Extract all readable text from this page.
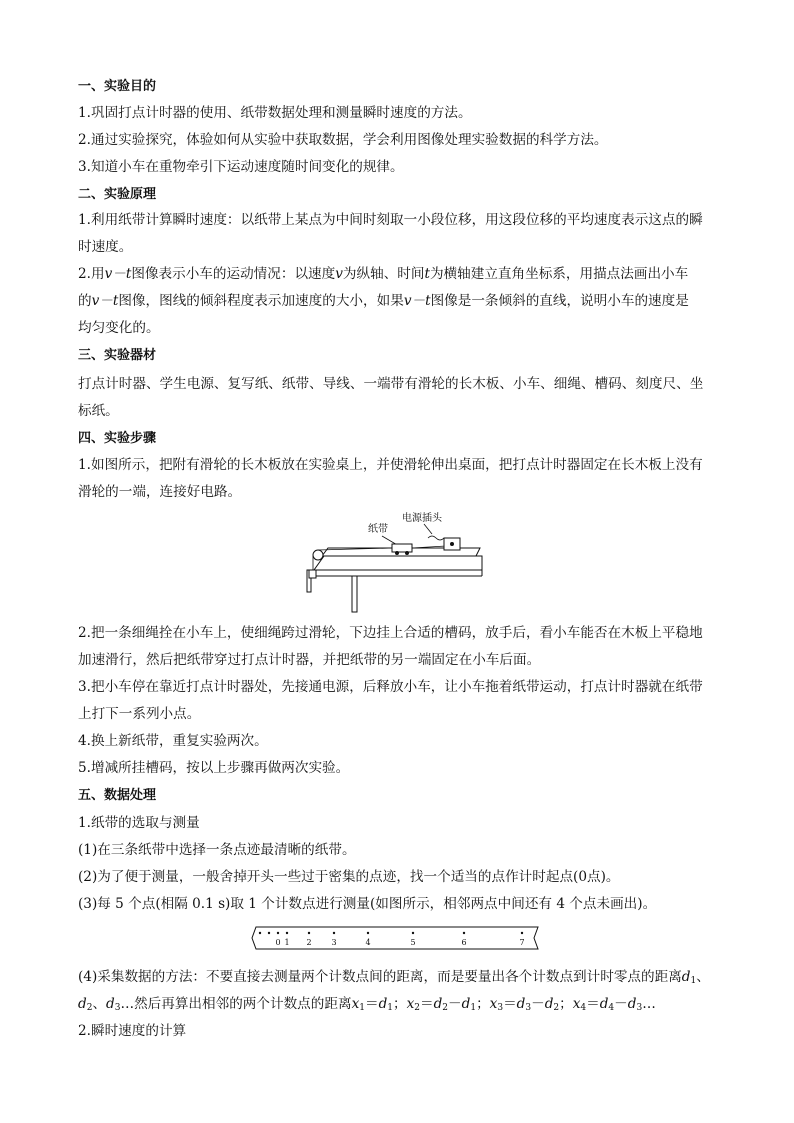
一、实验目的
1.巩固打点计时器的使用、纸带数据处理和测量瞬时速度的方法。
2.通过实验探究，体验如何从实验中获取数据，学会利用图像处理实验数据的科学方法。
3.知道小车在重物牵引下运动速度随时间变化的规律。
二、实验原理
1.利用纸带计算瞬时速度：以纸带上某点为中间时刻取一小段位移，用这段位移的平均速度表示这点的瞬
时速度。
2.用v－t图像表示小车的运动情况：以速度v为纵轴、时间t为横轴建立直角坐标系，用描点法画出小车
的v－t图像，图线的倾斜程度表示加速度的大小，如果v－t图像是一条倾斜的直线，说明小车的速度是
均匀变化的。
三、实验器材
打点计时器、学生电源、复写纸、纸带、导线、一端带有滑轮的长木板、小车、细绳、槽码、刻度尺、坐
标纸。
四、实验步骤
1.如图所示，把附有滑轮的长木板放在实验桌上，并使滑轮伸出桌面，把打点计时器固定在长木板上没有
滑轮的一端，连接好电路。
纸带
电源插头
2.把一条细绳拴在小车上，使细绳跨过滑轮，下边挂上合适的槽码，放手后，看小车能否在木板上平稳地
加速滑行，然后把纸带穿过打点计时器，并把纸带的另一端固定在小车后面。
3.把小车停在靠近打点计时器处，先接通电源，后释放小车，让小车拖着纸带运动，打点计时器就在纸带
上打下一系列小点。
4.换上新纸带，重复实验两次。
5.增减所挂槽码，按以上步骤再做两次实验。
五、数据处理
1.纸带的选取与测量
(1)在三条纸带中选择一条点迹最清晰的纸带。
(2)为了便于测量，一般舍掉开头一些过于密集的点迹，找一个适当的点作计时起点(0点)。
(3)每 5 个点(相隔 0.1 s)取 1 个计数点进行测量(如图所示，相邻两点中间还有 4 个点未画出)。
0 1 2 3	4	5	6	7
(4)采集数据的方法：不要直接去测量两个计数点间的距离，而是要量出各个计数点到计时零点的距离$d_1$、
$d_2$、$d_3\dots$然后再算出相邻的两个计数点的距离$x_1=d_1$；$x_2=d_2-d_1$；$x_3=d_3-d_2$；$x_4=d_4-d_3\dots$
2.瞬时速度的计算
